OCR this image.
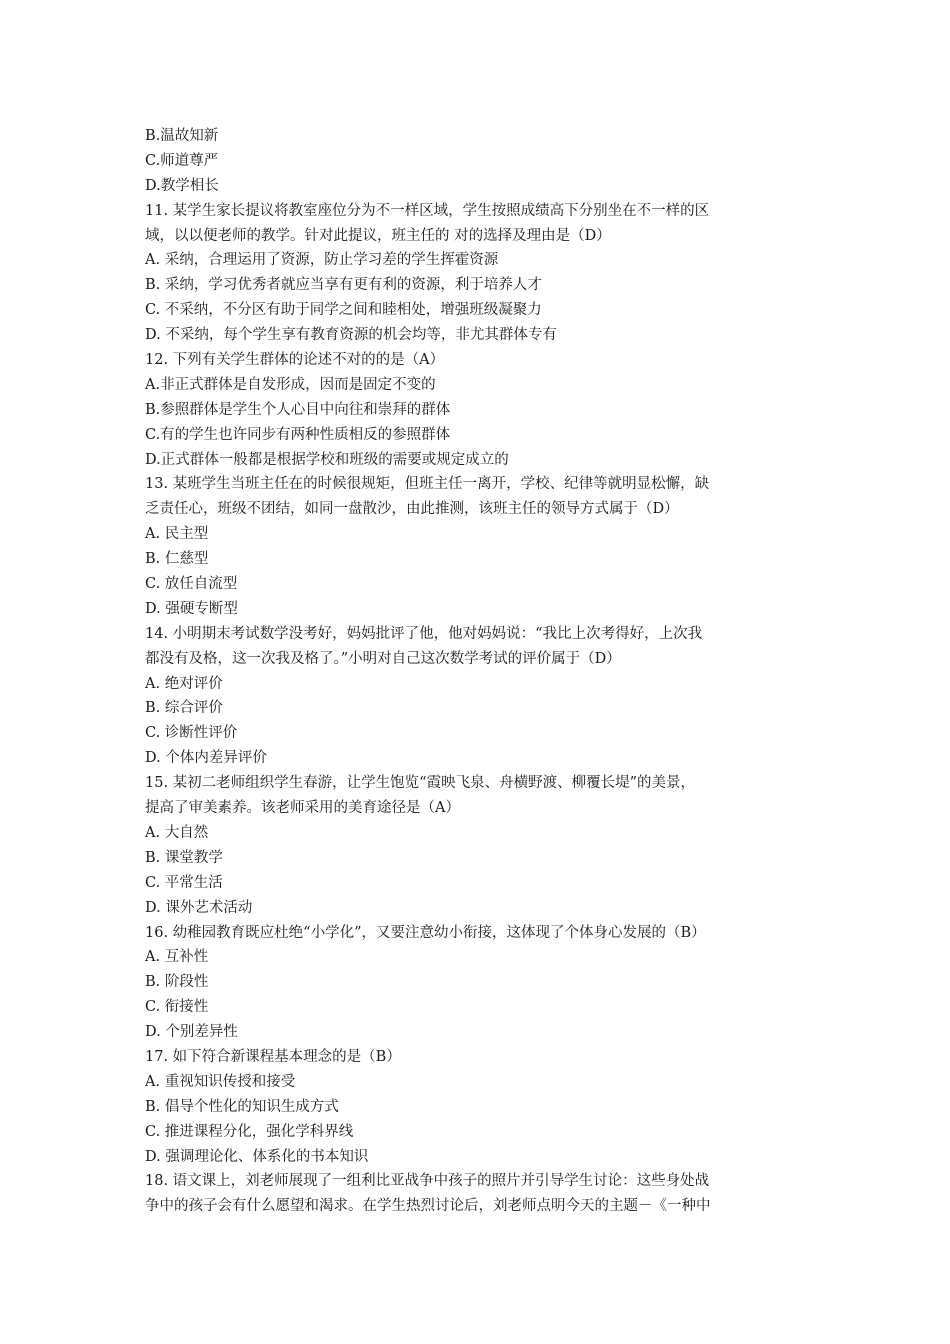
B.温故知新
C.师道尊严
D.教学相长
11. 某学生家长提议将教室座位分为不一样区域，学生按照成绩高下分别坐在不一样的区
域，以以便老师的教学。针对此提议，班主任的 对的选择及理由是（D）
A. 采纳，合理运用了资源，防止学习差的学生挥霍资源
B. 采纳，学习优秀者就应当享有更有利的资源，利于培养人才
C. 不采纳，不分区有助于同学之间和睦相处，增强班级凝聚力
D. 不采纳，每个学生享有教育资源的机会均等，非尤其群体专有
12. 下列有关学生群体的论述不对的的是（A）
A.非正式群体是自发形成，因而是固定不变的
B.参照群体是学生个人心目中向往和崇拜的群体
C.有的学生也许同步有两种性质相反的参照群体
D.正式群体一般都是根据学校和班级的需要或规定成立的
13. 某班学生当班主任在的时候很规矩，但班主任一离开，学校、纪律等就明显松懈，缺
乏责任心，班级不团结，如同一盘散沙，由此推测，该班主任的领导方式属于（D）
A. 民主型
B. 仁慈型
C. 放任自流型
D. 强硬专断型
14. 小明期末考试数学没考好，妈妈批评了他，他对妈妈说：“我比上次考得好，上次我
都没有及格，这一次我及格了。”小明对自己这次数学考试的评价属于（D）
A. 绝对评价
B. 综合评价
C. 诊断性评价
D. 个体内差异评价
15. 某初二老师组织学生春游，让学生饱览“霞映飞泉、舟横野渡、柳覆长堤”的美景，
提高了审美素养。该老师采用的美育途径是（A）
A. 大自然
B. 课堂教学
C. 平常生活
D. 课外艺术活动
16. 幼稚园教育既应杜绝“小学化”，又要注意幼小衔接，这体现了个体身心发展的（B）
A. 互补性
B. 阶段性
C. 衔接性
D. 个别差异性
17. 如下符合新课程基本理念的是（B）
A. 重视知识传授和接受
B. 倡导个性化的知识生成方式
C. 推进课程分化，强化学科界线
D. 强调理论化、体系化的书本知识
18. 语文课上，刘老师展现了一组利比亚战争中孩子的照片并引导学生讨论：这些身处战
争中的孩子会有什么愿望和渴求。在学生热烈讨论后，刘老师点明今天的主题－《一种中
